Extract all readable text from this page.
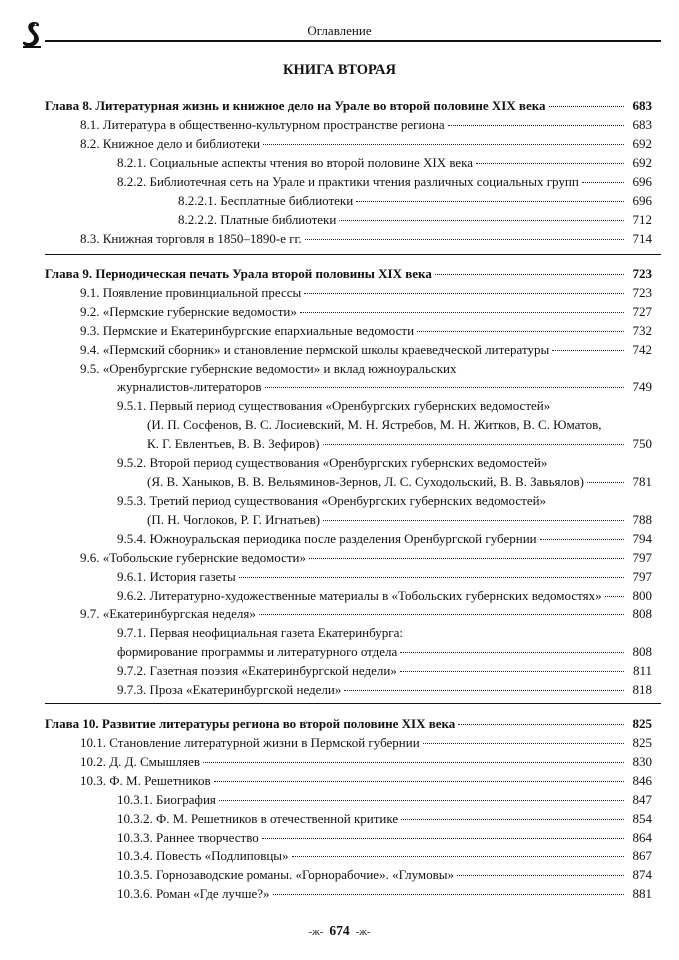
Оглавление
КНИГА ВТОРАЯ
Глава 8. Литературная жизнь и книжное дело на Урале во второй половине XIX века	683
8.1. Литература в общественно-культурном пространстве региона	683
8.2. Книжное дело и библиотеки	692
8.2.1. Социальные аспекты чтения во второй половине XIX века	692
8.2.2. Библиотечная сеть на Урале и практики чтения различных социальных групп	696
8.2.2.1. Бесплатные библиотеки	696
8.2.2.2. Платные библиотеки	712
8.3. Книжная торговля в 1850–1890-е гг.	714
Глава 9. Периодическая печать Урала второй половины XIX века	723
9.1. Появление провинциальной прессы	723
9.2. «Пермские губернские ведомости»	727
9.3. Пермские и Екатеринбургские епархиальные ведомости	732
9.4. «Пермский сборник» и становление пермской школы краеведческой литературы	742
9.5. «Оренбургские губернские ведомости» и вклад южноуральских
журналистов-литераторов	749
9.5.1. Первый период существования «Оренбургских губернских ведомостей»
(И. П. Сосфенов, В. С. Лосиевский, М. Н. Ястребов, М. Н. Житков, В. С. Юматов,
К. Г. Евлентьев, В. В. Зефиров)	750
9.5.2. Второй период существования «Оренбургских губернских ведомостей»
(Я. В. Ханыков, В. В. Вельяминов-Зернов, Л. С. Суходольский, В. В. Завьялов)	781
9.5.3. Третий период существования «Оренбургских губернских ведомостей»
(П. Н. Чоглоков, Р. Г. Игнатьев)	788
9.5.4. Южноуральская периодика после разделения Оренбургской губернии	794
9.6. «Тобольские губернские ведомости»	797
9.6.1. История газеты	797
9.6.2. Литературно-художественные материалы в «Тобольских губернских ведомостях»	800
9.7. «Екатеринбургская неделя»	808
9.7.1. Первая неофициальная газета Екатеринбурга:
формирование программы и литературного отдела	808
9.7.2. Газетная поэзия «Екатеринбургской недели»	811
9.7.3. Проза «Екатеринбургской недели»	818
Глава 10. Развитие литературы региона во второй половине XIX века	825
10.1. Становление литературной жизни в Пермской губернии	825
10.2. Д. Д. Смышляев	830
10.3. Ф. М. Решетников	846
10.3.1. Биография	847
10.3.2. Ф. М. Решетников в отечественной критике	854
10.3.3. Раннее творчество	864
10.3.4. Повесть «Подлиповцы»	867
10.3.5. Горнозаводские романы. «Горнорабочие». «Глумовы»	874
10.3.6. Роман «Где лучше?»	881
-ж- 674 -ж-
